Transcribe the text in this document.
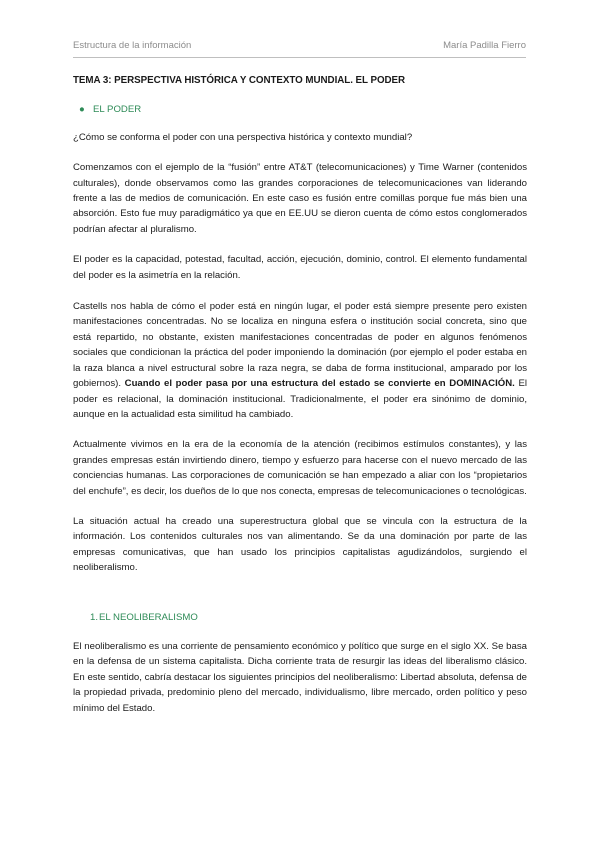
Estructura de la información	María Padilla Fierro
TEMA 3: PERSPECTIVA HISTÓRICA Y CONTEXTO MUNDIAL. EL PODER
● EL PODER

¿Cómo se conforma el poder con una perspectiva histórica y contexto mundial?

Comenzamos con el ejemplo de la “fusión” entre AT&T (telecomunicaciones) y Time Warner (contenidos culturales), donde observamos como las grandes corporaciones de telecomunicaciones van liderando frente a las de medios de comunicación. En este caso es fusión entre comillas porque fue más bien una absorción. Esto fue muy paradigmático ya que en EE.UU se dieron cuenta de cómo estos conglomerados podrían afectar al pluralismo.

El poder es la capacidad, potestad, facultad, acción, ejecución, dominio, control. El elemento fundamental del poder es la asimetría en la relación.

Castells nos habla de cómo el poder está en ningún lugar, el poder está siempre presente pero existen manifestaciones concentradas. No se localiza en ninguna esfera o institución social concreta, sino que está repartido, no obstante, existen manifestaciones concentradas de poder en algunos fenómenos sociales que condicionan la práctica del poder imponiendo la dominación (por ejemplo el poder estaba en la raza blanca a nivel estructural sobre la raza negra, se daba de forma institucional, amparado por los gobiernos). Cuando el poder pasa por una estructura del estado se convierte en DOMINACIÓN. El poder es relacional, la dominación institucional. Tradicionalmente, el poder era sinónimo de dominio, aunque en la actualidad esta similitud ha cambiado.

Actualmente vivimos en la era de la economía de la atención (recibimos estímulos constantes), y las grandes empresas están invirtiendo dinero, tiempo y esfuerzo para hacerse con el nuevo mercado de las conciencias humanas. Las corporaciones de comunicación se han empezado a aliar con los “propietarios del enchufe”, es decir, los dueños de lo que nos conecta, empresas de telecomunicaciones o tecnológicas.

La situación actual ha creado una superestructura global que se vincula con la estructura de la información. Los contenidos culturales nos van alimentando. Se da una dominación por parte de las empresas comunicativas, que han usado los principios capitalistas agudizándolos, surgiendo el neoliberalismo.

1. EL NEOLIBERALISMO

El neoliberalismo es una corriente de pensamiento económico y político que surge en el siglo XX. Se basa en la defensa de un sistema capitalista. Dicha corriente trata de resurgir las ideas del liberalismo clásico. En este sentido, cabría destacar los siguientes principios del neoliberalismo: Libertad absoluta, defensa de la propiedad privada, predominio pleno del mercado, individualismo, libre mercado, orden político y peso mínimo del Estado.
